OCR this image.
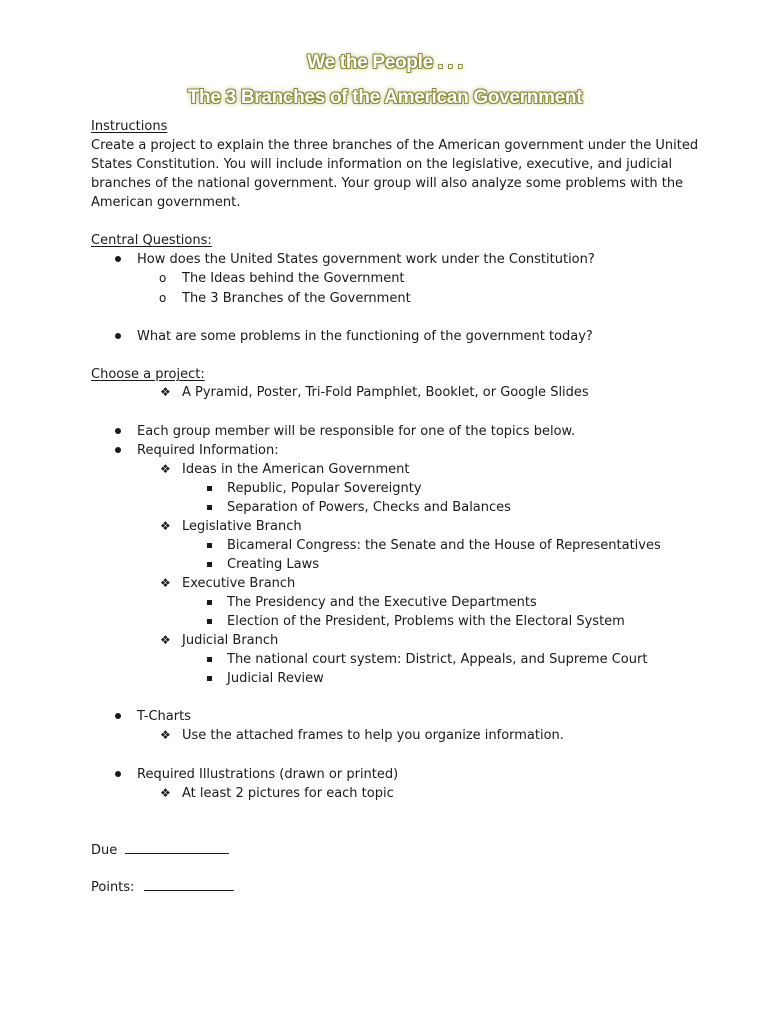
We the People . . .
The 3 Branches of the American Government
Instructions
Create a project to explain the three branches of the American government under the United
States Constitution. You will include information on the legislative, executive, and judicial
branches of the national government. Your group will also analyze some problems with the
American government.
Central Questions:
How does the United States government work under the Constitution?
o The Ideas behind the Government
o The 3 Branches of the Government
What are some problems in the functioning of the government today?
Choose a project:
❖ A Pyramid, Poster, Tri-Fold Pamphlet, Booklet, or Google Slides
Each group member will be responsible for one of the topics below.
Required Information:
❖ Ideas in the American Government
Republic, Popular Sovereignty
Separation of Powers, Checks and Balances
❖ Legislative Branch
Bicameral Congress: the Senate and the House of Representatives
Creating Laws
❖ Executive Branch
The Presidency and the Executive Departments
Election of the President, Problems with the Electoral System
❖ Judicial Branch
The national court system: District, Appeals, and Supreme Court
Judicial Review
T-Charts
❖ Use the attached frames to help you organize information.
Required Illustrations (drawn or printed)
❖ At least 2 pictures for each topic
Due
Points:
